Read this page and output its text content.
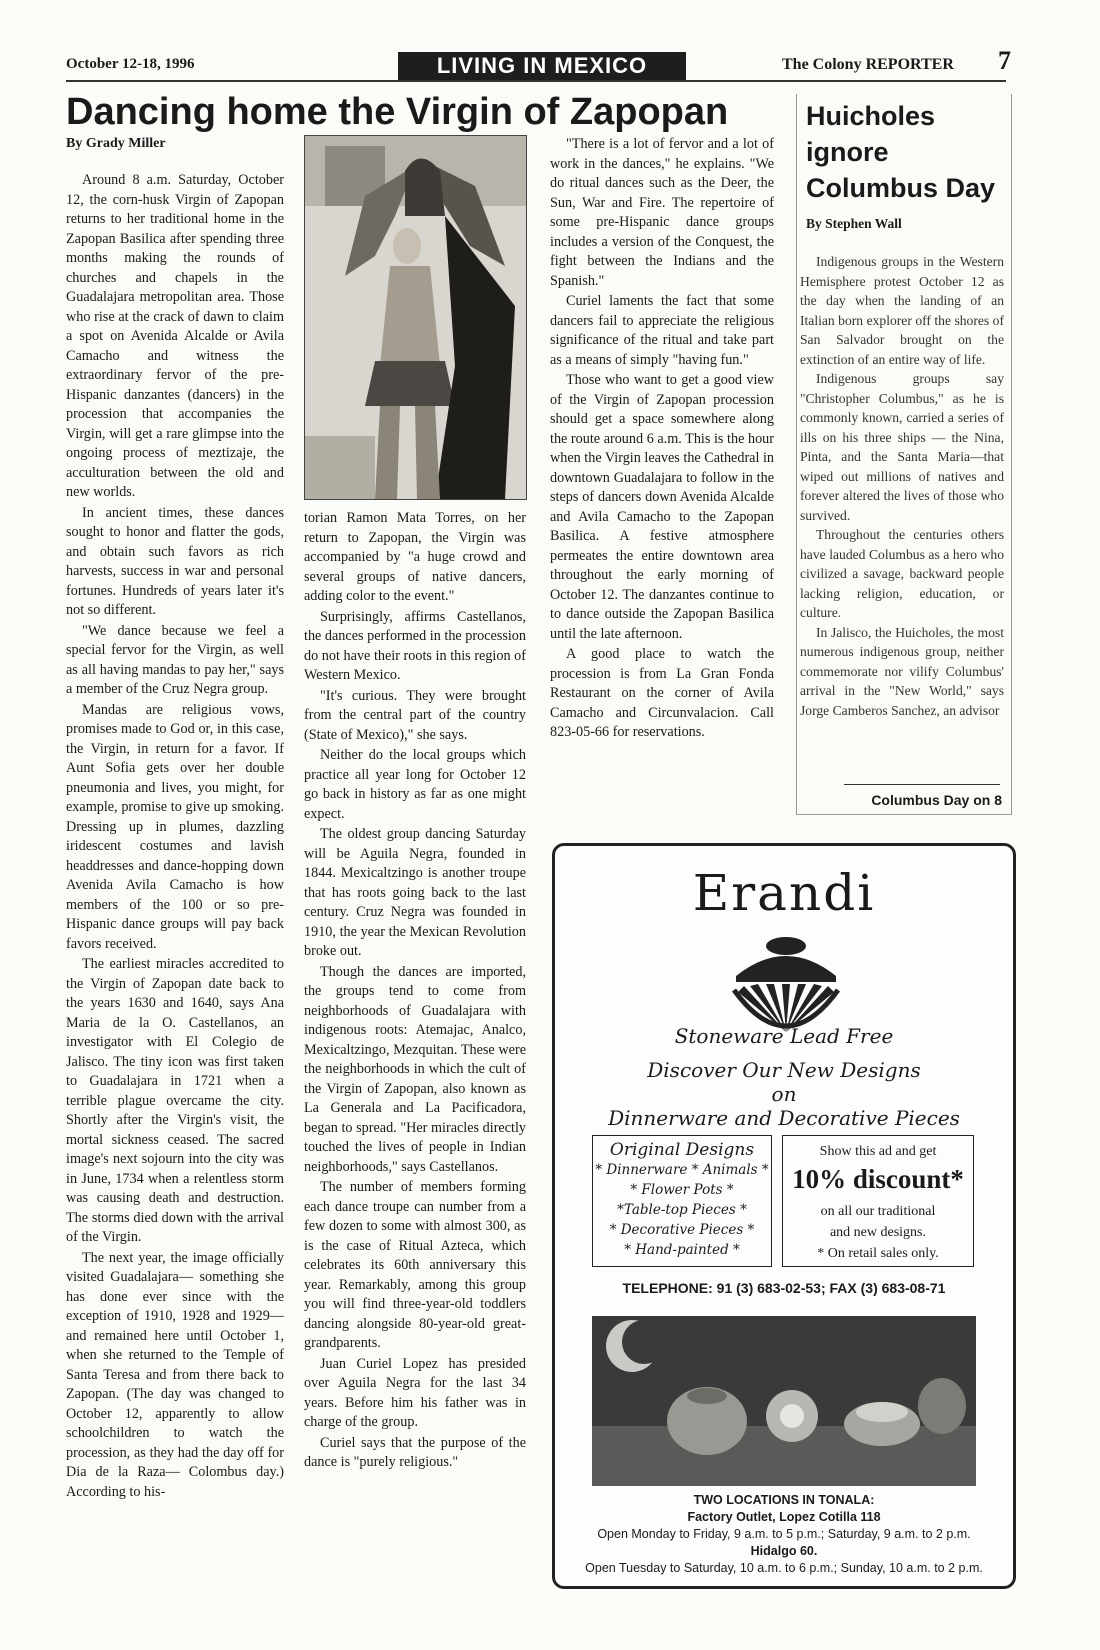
October 12-18, 1996	LIVING IN MEXICO	The Colony REPORTER 7
Dancing home the Virgin of Zapopan
By Grady Miller

Around 8 a.m. Saturday, October 12, the corn-husk Virgin of Zapopan returns to her traditional home in the Zapopan Basilica after spending three months making the rounds of churches and chapels in the Guadalajara metropolitan area. Those who rise at the crack of dawn to claim a spot on Avenida Alcalde or Avila Camacho and witness the extraordinary fervor of the pre-Hispanic danzantes (dancers) in the procession that accompanies the Virgin, will get a rare glimpse into the ongoing process of meztizaje, the acculturation between the old and new worlds.

In ancient times, these dances sought to honor and flatter the gods, and obtain such favors as rich harvests, success in war and personal fortunes. Hundreds of years later it's not so different.

"We dance because we feel a special fervor for the Virgin, as well as all having mandas to pay her," says a member of the Cruz Negra group.

Mandas are religious vows, promises made to God or, in this case, the Virgin, in return for a favor. If Aunt Sofia gets over her double pneumonia and lives, you might, for example, promise to give up smoking. Dressing up in plumes, dazzling iridescent costumes and lavish headdresses and dance-hopping down Avenida Avila Camacho is how members of the 100 or so pre-Hispanic dance groups will pay back favors received.

The earliest miracles accredited to the Virgin of Zapopan date back to the years 1630 and 1640, says Ana Maria de la O. Castellanos, an investigator with El Colegio de Jalisco. The tiny icon was first taken to Guadalajara in 1721 when a terrible plague overcame the city. Shortly after the Virgin's visit, the mortal sickness ceased. The sacred image's next sojourn into the city was in June, 1734 when a relentless storm was causing death and destruction. The storms died down with the arrival of the Virgin.

The next year, the image officially visited Guadalajara— something she has done ever since with the exception of 1910, 1928 and 1929—and remained here until October 1, when she returned to the Temple of Santa Teresa and from there back to Zapopan. (The day was changed to October 12, apparently to allow schoolchildren to watch the procession, as they had the day off for Dia de la Raza— Colombus day.) According to his-

torian Ramon Mata Torres, on her return to Zapopan, the Virgin was accompanied by "a huge crowd and several groups of native dancers, adding color to the event."

Surprisingly, affirms Castellanos, the dances performed in the procession do not have their roots in this region of Western Mexico.

"It's curious. They were brought from the central part of the country (State of Mexico)," she says.

Neither do the local groups which practice all year long for October 12 go back in history as far as one might expect.

The oldest group dancing Saturday will be Aguila Negra, founded in 1844. Mexicaltzingo is another troupe that has roots going back to the last century. Cruz Negra was founded in 1910, the year the Mexican Revolution broke out.

Though the dances are imported, the groups tend to come from neighborhoods of Guadalajara with indigenous roots: Atemajac, Analco, Mexicaltzingo, Mezquitan. These were the neighborhoods in which the cult of the Virgin of Zapopan, also known as La Generala and La Pacificadora, began to spread. "Her miracles directly touched the lives of people in Indian neighborhoods," says Castellanos.

The number of members forming each dance troupe can number from a few dozen to some with almost 300, as is the case of Ritual Azteca, which celebrates its 60th anniversary this year. Remarkably, among this group you will find three-year-old toddlers dancing alongside 80-year-old great-grandparents.

Juan Curiel Lopez has presided over Aguila Negra for the last 34 years. Before him his father was in charge of the group.

Curiel says that the purpose of the dance is "purely religious."

"There is a lot of fervor and a lot of work in the dances," he explains. "We do ritual dances such as the Deer, the Sun, War and Fire. The repertoire of some pre-Hispanic dance groups includes a version of the Conquest, the fight between the Indians and the Spanish."

Curiel laments the fact that some dancers fail to appreciate the religious significance of the ritual and take part as a means of simply "having fun."

Those who want to get a good view of the Virgin of Zapopan procession should get a space somewhere along the route around 6 a.m. This is the hour when the Virgin leaves the Cathedral in downtown Guadalajara to follow in the steps of dancers down Avenida Alcalde and Avila Camacho to the Zapopan Basilica. A festive atmosphere permeates the entire downtown area throughout the early morning of October 12. The danzantes continue to to dance outside the Zapopan Basilica until the late afternoon.

A good place to watch the procession is from La Gran Fonda Restaurant on the corner of Avila Camacho and Circunvalacion. Call 823-05-66 for reservations.

Huicholes ignore Columbus Day
By Stephen Wall

Indigenous groups in the Western Hemisphere protest October 12 as the day when the landing of an Italian born explorer off the shores of San Salvador brought on the extinction of an entire way of life.

Indigenous groups say "Christopher Columbus," as he is commonly known, carried a series of ills on his three ships — the Nina, Pinta, and the Santa Maria—that wiped out millions of natives and forever altered the lives of those who survived.

Throughout the centuries others have lauded Columbus as a hero who civilized a savage, backward people lacking religion, education, or culture.

In Jalisco, the Huicholes, the most numerous indigenous group, neither commemorate nor vilify Columbus' arrival in the "New World," says Jorge Camberos Sanchez, an advisor

Columbus Day on 8
Erandi
Stoneware Lead Free
Discover Our New Designs
on
Dinnerware and Decorative Pieces
Original Designs
* Dinnerware * Animals *
* Flower Pots *
*Table-top Pieces *
* Decorative Pieces *
* Hand-painted *
Show this ad and get
10% discount*
on all our traditional
and new designs.
* On retail sales only.
TELEPHONE: 91 (3) 683-02-53; FAX (3) 683-08-71
TWO LOCATIONS IN TONALA:
Factory Outlet, Lopez Cotilla 118
Open Monday to Friday, 9 a.m. to 5 p.m.; Saturday, 9 a.m. to 2 p.m.
Hidalgo 60.
Open Tuesday to Saturday, 10 a.m. to 6 p.m.; Sunday, 10 a.m. to 2 p.m.
